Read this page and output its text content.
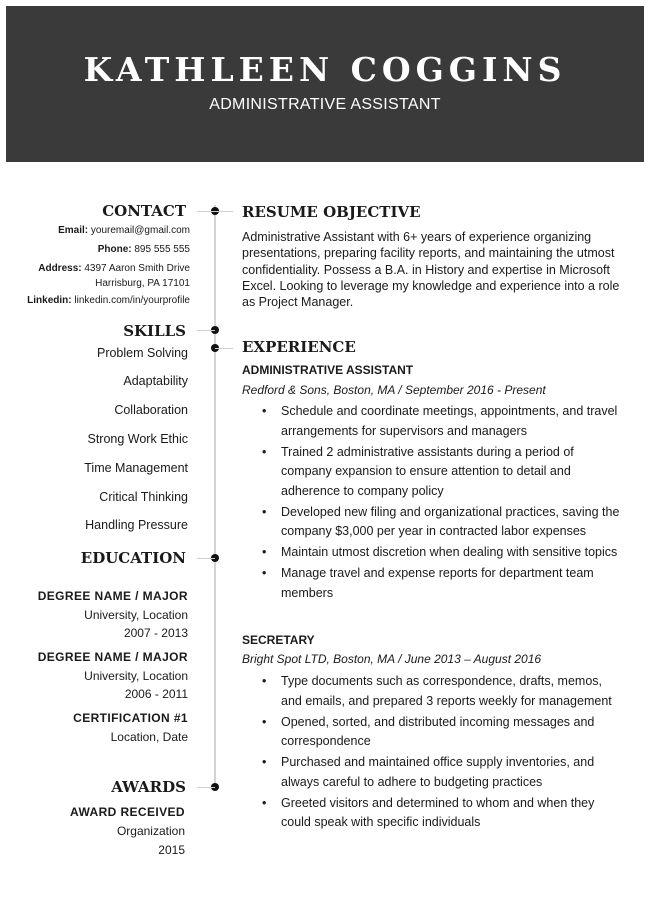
KATHLEEN COGGINS
ADMINISTRATIVE ASSISTANT
CONTACT
Email: youremail@gmail.com
Phone: 895 555 555
Address: 4397 Aaron Smith Drive
Harrisburg, PA 17101
Linkedin: linkedin.com/in/yourprofile
SKILLS
Problem Solving
Adaptability
Collaboration
Strong Work Ethic
Time Management
Critical Thinking
Handling Pressure
EDUCATION
DEGREE NAME / MAJOR
University, Location
2007 - 2013
DEGREE NAME / MAJOR
University, Location
2006 - 2011
CERTIFICATION #1
Location, Date
AWARDS
AWARD RECEIVED
Organization
2015
RESUME OBJECTIVE
Administrative Assistant with 6+ years of experience organizing presentations, preparing facility reports, and maintaining the utmost confidentiality. Possess a B.A. in History and expertise in Microsoft Excel. Looking to leverage my knowledge and experience into a role as Project Manager.
EXPERIENCE
ADMINISTRATIVE ASSISTANT
Redford & Sons, Boston, MA / September 2016 - Present
• Schedule and coordinate meetings, appointments, and travel arrangements for supervisors and managers
• Trained 2 administrative assistants during a period of company expansion to ensure attention to detail and adherence to company policy
• Developed new filing and organizational practices, saving the company $3,000 per year in contracted labor expenses
• Maintain utmost discretion when dealing with sensitive topics
• Manage travel and expense reports for department team members
SECRETARY
Bright Spot LTD, Boston, MA / June 2013 – August 2016
• Type documents such as correspondence, drafts, memos, and emails, and prepared 3 reports weekly for management
• Opened, sorted, and distributed incoming messages and correspondence
• Purchased and maintained office supply inventories, and always careful to adhere to budgeting practices
• Greeted visitors and determined to whom and when they could speak with specific individuals
